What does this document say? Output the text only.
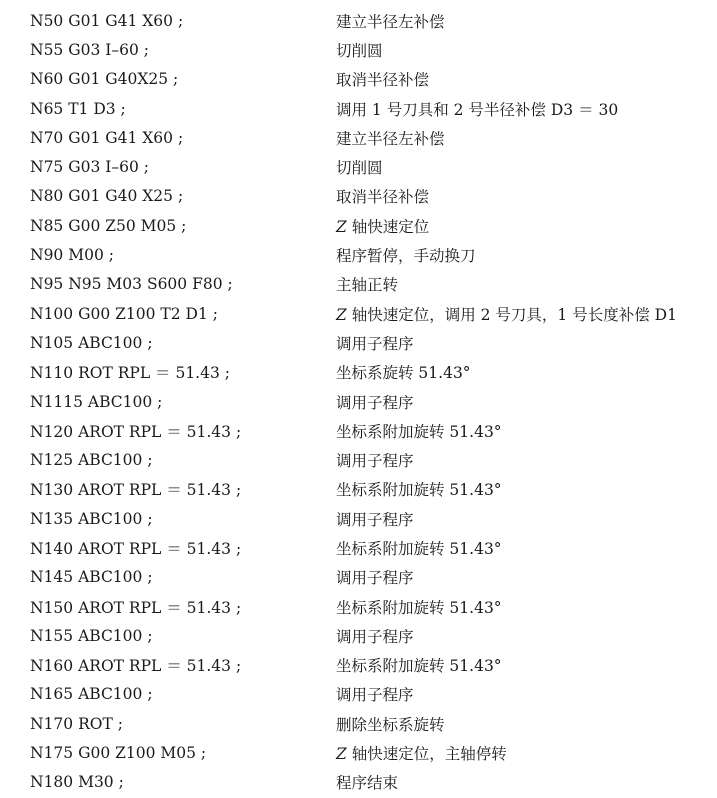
N50 G01 G41 X60 ;	建立半径左补偿
N55 G03 I–60 ;	切削圆
N60 G01 G40X25 ;	取消半径补偿
N65 T1 D3 ;	调用 1 号刀具和 2 号半径补偿 D3 ＝ 30
N70 G01 G41 X60 ;	建立半径左补偿
N75 G03 I–60 ;	切削圆
N80 G01 G40 X25 ;	取消半径补偿
N85 G00 Z50 M05 ;	Z 轴快速定位
N90 M00 ;	程序暂停，手动换刀
N95 N95 M03 S600 F80 ;	主轴正转
N100 G00 Z100 T2 D1 ;	Z 轴快速定位，调用 2 号刀具，1 号长度补偿 D1
N105 ABC100 ;	调用子程序
N110 ROT RPL ＝ 51.43 ;	坐标系旋转 51.43°
N1115 ABC100 ;	调用子程序
N120 AROT RPL ＝ 51.43 ;	坐标系附加旋转 51.43°
N125 ABC100 ;	调用子程序
N130 AROT RPL ＝ 51.43 ;	坐标系附加旋转 51.43°
N135 ABC100 ;	调用子程序
N140 AROT RPL ＝ 51.43 ;	坐标系附加旋转 51.43°
N145 ABC100 ;	调用子程序
N150 AROT RPL ＝ 51.43 ;	坐标系附加旋转 51.43°
N155 ABC100 ;	调用子程序
N160 AROT RPL ＝ 51.43 ;	坐标系附加旋转 51.43°
N165 ABC100 ;	调用子程序
N170 ROT ;	删除坐标系旋转
N175 G00 Z100 M05 ;	Z 轴快速定位，主轴停转
N180 M30 ;	程序结束
